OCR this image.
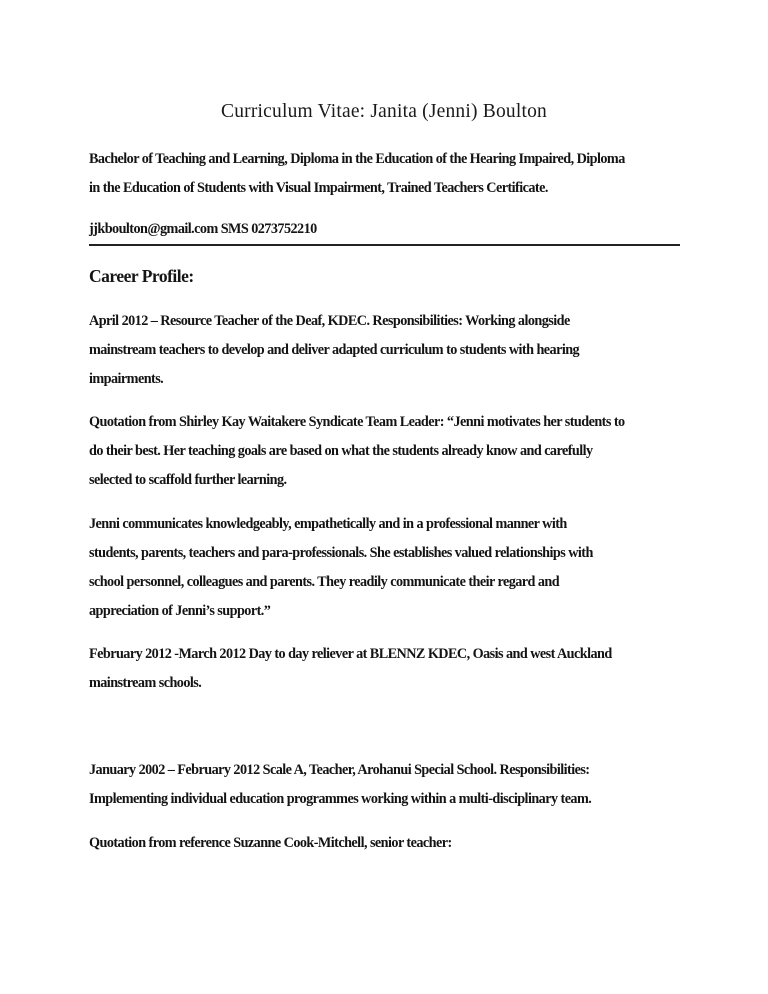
Curriculum Vitae: Janita (Jenni) Boulton

Bachelor of Teaching and Learning, Diploma in the Education of the Hearing Impaired, Diploma
in the Education of Students with Visual Impairment, Trained Teachers Certificate.

jjkboulton@gmail.com SMS 0273752210

Career Profile:

April 2012 – Resource Teacher of the Deaf, KDEC. Responsibilities: Working alongside
mainstream teachers to develop and deliver adapted curriculum to students with hearing
impairments.

Quotation from Shirley Kay Waitakere Syndicate Team Leader: “Jenni motivates her students to
do their best. Her teaching goals are based on what the students already know and carefully
selected to scaffold further learning.

Jenni communicates knowledgeably, empathetically and in a professional manner with
students, parents, teachers and para-professionals. She establishes valued relationships with
school personnel, colleagues and parents. They readily communicate their regard and
appreciation of Jenni’s support.”

February 2012 -March 2012 Day to day reliever at BLENNZ KDEC, Oasis and west Auckland
mainstream schools.

January 2002 – February 2012 Scale A, Teacher, Arohanui Special School. Responsibilities:
Implementing individual education programmes working within a multi-disciplinary team.

Quotation from reference Suzanne Cook-Mitchell, senior teacher:
